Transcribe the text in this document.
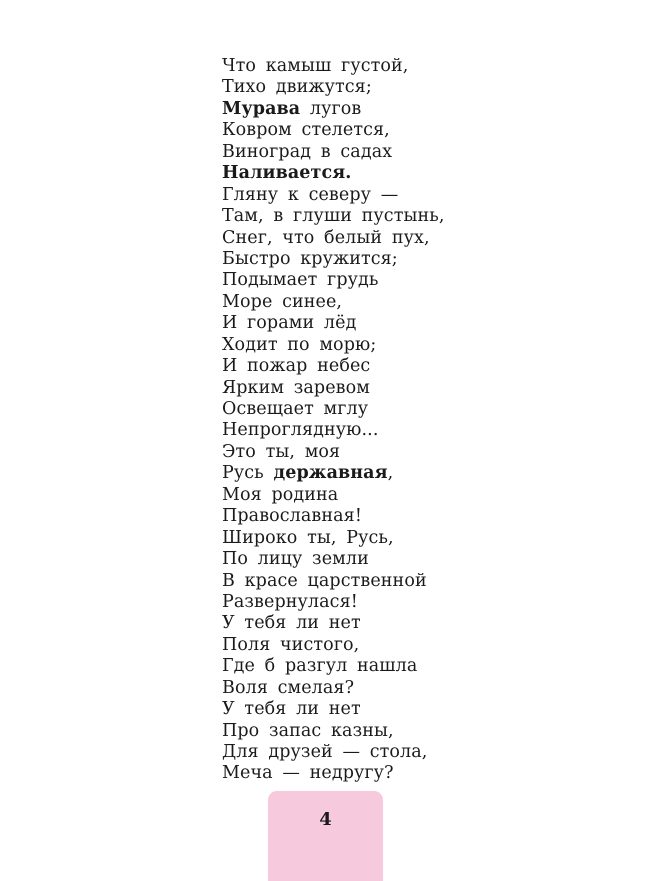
Что камыш густой,
Тихо движутся;
Мурава лугов
Ковром стелется,
Виноград в садах
Наливается.
Гляну к северу —
Там, в глуши пустынь,
Снег, что белый пух,
Быстро кружится;
Подымает грудь
Море синее,
И горами лёд
Ходит по морю;
И пожар небес
Ярким заревом
Освещает мглу
Непроглядную...
Это ты, моя
Русь державная,
Моя родина
Православная!
Широко ты, Русь,
По лицу земли
В красе царственной
Развернулася!
У тебя ли нет
Поля чистого,
Где б разгул нашла
Воля смелая?
У тебя ли нет
Про запас казны,
Для друзей — стола,
Меча — недругу?
4
